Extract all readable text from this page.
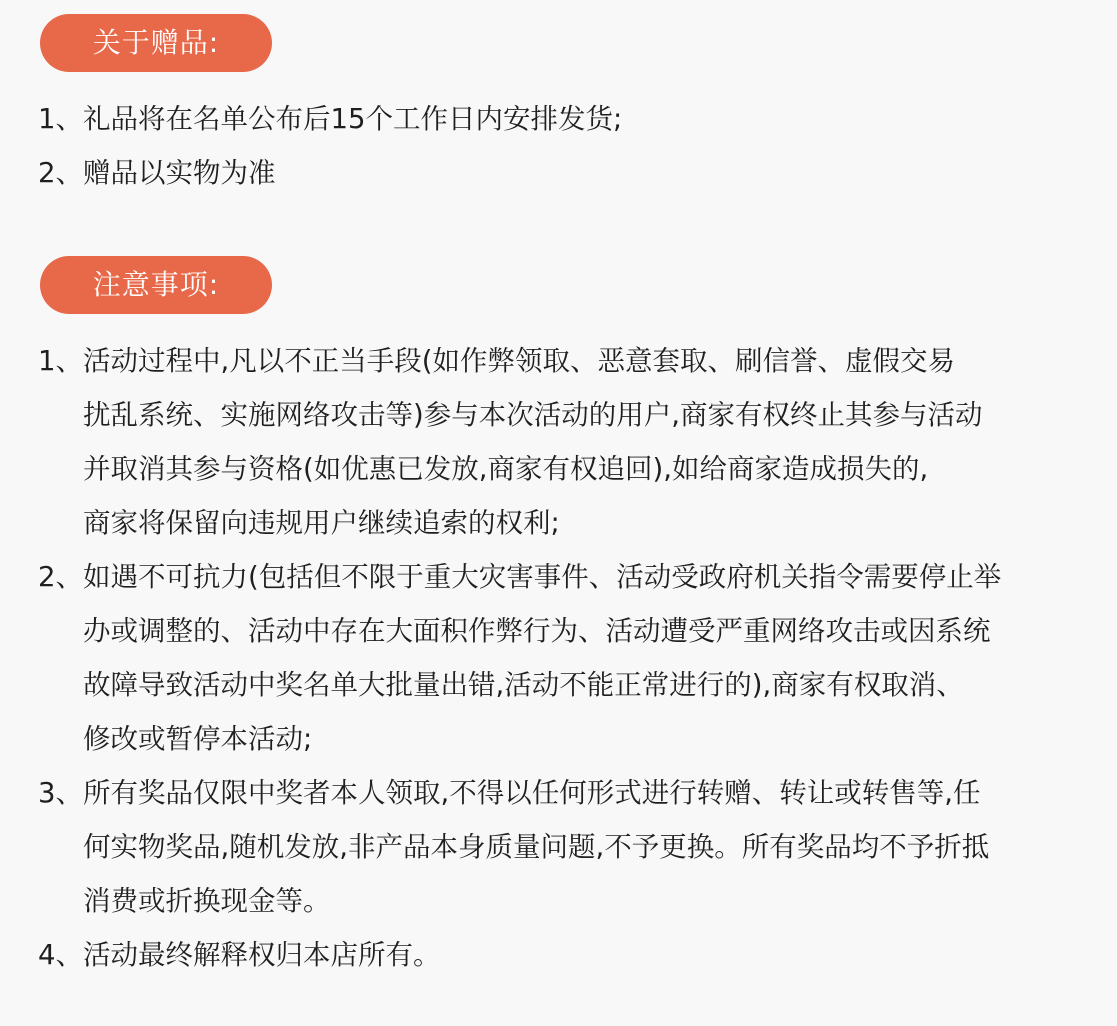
关于赠品:
1、 礼品将在名单公布后15个工作日内安排发货;
2、 赠品以实物为准
注意事项:
1、 活动过程中,凡以不正当手段(如作弊领取、恶意套取、刷信誉、虚假交易
扰乱系统、实施网络攻击等)参与本次活动的用户,商家有权终止其参与活动
并取消其参与资格(如优惠已发放,商家有权追回),如给商家造成损失的,
商家将保留向违规用户继续追索的权利;
2、 如遇不可抗力(包括但不限于重大灾害事件、活动受政府机关指令需要停止举
办或调整的、活动中存在大面积作弊行为、活动遭受严重网络攻击或因系统
故障导致活动中奖名单大批量出错,活动不能正常进行的),商家有权取消、
修改或暂停本活动;
3、 所有奖品仅限中奖者本人领取,不得以任何形式进行转赠、转让或转售等,任
何实物奖品,随机发放,非产品本身质量问题,不予更换。所有奖品均不予折抵
消费或折换现金等。
4、 活动最终解释权归本店所有。
